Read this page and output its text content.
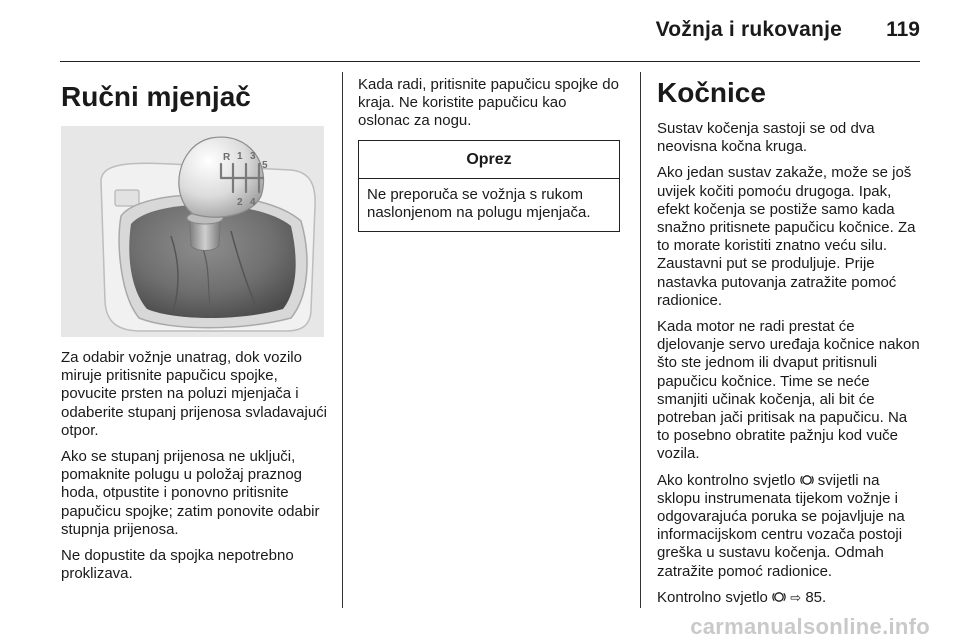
Vožnja i rukovanje 119
Ručni mjenjač
R 1 3
5
2 4

Za odabir vožnje unatrag, dok vozilo miruje pritisnite papučicu spojke, povucite prsten na poluzi mjenjača i odaberite stupanj prijenosa svladavajući otpor.

Ako se stupanj prijenosa ne uključi, pomaknite polugu u položaj praznog hoda, otpustite i ponovno pritisnite papučicu spojke; zatim ponovite odabir stupnja prijenosa.

Ne dopustite da spojka nepotrebno proklizava.

Kada radi, pritisnite papučicu spojke do kraja. Ne koristite papučicu kao oslonac za nogu.

Oprez
Ne preporuča se vožnja s rukom naslonjenom na polugu mjenjača.
Kočnice

Sustav kočenja sastoji se od dva neovisna kočna kruga.

Ako jedan sustav zakaže, može se još uvijek kočiti pomoću drugoga. Ipak, efekt kočenja se postiže samo kada snažno pritisnete papučicu kočnice. Za to morate koristiti znatno veću silu. Zaustavni put se produljuje. Prije nastavka putovanja zatražite pomoć radionice.

Kada motor ne radi prestat će djelovanje servo uređaja kočnice nakon što ste jednom ili dvaput pritisnuli papučicu kočnice. Time se neće smanjiti učinak kočenja, ali bit će potreban jači pritisak na papučicu. Na to posebno obratite pažnju kod vuče vozila.

Ako kontrolno svjetlo svijetli na sklopu instrumenata tijekom vožnje i odgovarajuća poruka se pojavljuje na informacijskom centru vozača postoji greška u sustavu kočenja. Odmah zatražite pomoć radionice.

Kontrolno svjetlo ⇨ 85.

carmanualsonline.info
